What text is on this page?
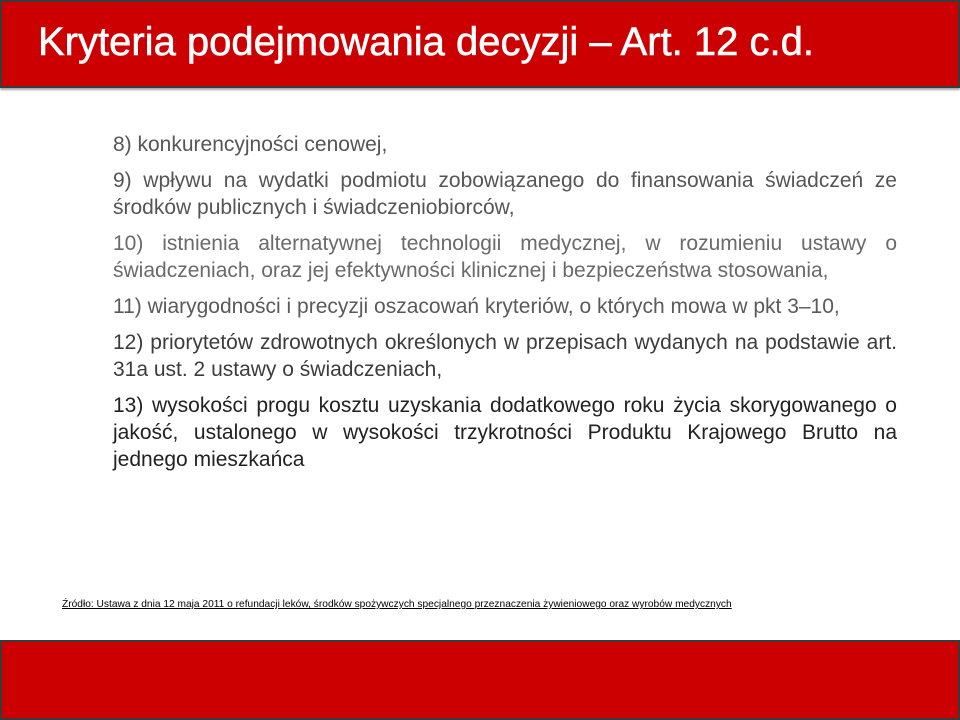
Kryteria podejmowania decyzji – Art. 12 c.d.

8) konkurencyjności cenowej,

9) wpływu na wydatki podmiotu zobowiązanego do finansowania świadczeń ze środków publicznych i świadczeniobiorców,

10) istnienia alternatywnej technologii medycznej, w rozumieniu ustawy o świadczeniach, oraz jej efektywności klinicznej i bezpieczeństwa stosowania,

11) wiarygodności i precyzji oszacowań kryteriów, o których mowa w pkt 3–10,

12) priorytetów zdrowotnych określonych w przepisach wydanych na podstawie art. 31a ust. 2 ustawy o świadczeniach,

13) wysokości progu kosztu uzyskania dodatkowego roku życia skorygowanego o jakość, ustalonego w wysokości trzykrotności Produktu Krajowego Brutto na jednego mieszkańca

Źródło: Ustawa z dnia 12 maja 2011 o refundacji leków, środków spożywczych specjalnego przeznaczenia żywieniowego oraz wyrobów medycznych
